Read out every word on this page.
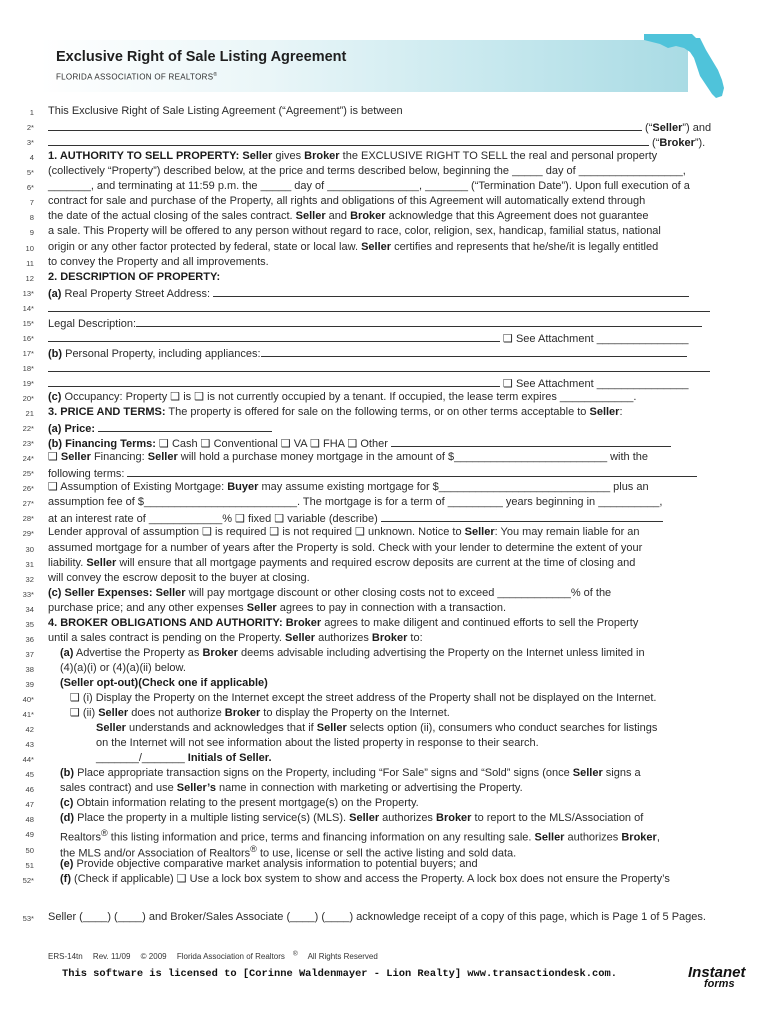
Exclusive Right of Sale Listing Agreement
FLORIDA ASSOCIATION OF REALTORS®
1 This Exclusive Right of Sale Listing Agreement (“Agreement”) is between
2*	(“Seller”) and
3*	(“Broker”).
4 1. AUTHORITY TO SELL PROPERTY: Seller gives Broker the EXCLUSIVE RIGHT TO SELL the real and personal property
5* (collectively “Property”) described below, at the price and terms described below, beginning the _____ day of _________________,
6* _______, and terminating at 11:59 p.m. the _____ day of _______________, _______ (“Termination Date”). Upon full execution of a
7 contract for sale and purchase of the Property, all rights and obligations of this Agreement will automatically extend through
8 the date of the actual closing of the sales contract. Seller and Broker acknowledge that this Agreement does not guarantee
9 a sale. This Property will be offered to any person without regard to race, color, religion, sex, handicap, familial status, national
10 origin or any other factor protected by federal, state or local law. Seller certifies and represents that he/she/it is legally entitled
11 to convey the Property and all improvements.
12 2. DESCRIPTION OF PROPERTY:
13* (a) Real Property Street Address:
14*
15* Legal Description:
16*	❑ See Attachment _______________
17* (b) Personal Property, including appliances:
18*
19*	❑ See Attachment _______________
20* (c) Occupancy: Property ❑ is ❑ is not currently occupied by a tenant. If occupied, the lease term expires ____________.
21 3. PRICE AND TERMS: The property is offered for sale on the following terms, or on other terms acceptable to Seller:
22* (a) Price:
23* (b) Financing Terms: ❑ Cash ❑ Conventional ❑ VA ❑ FHA ❑ Other
24* ❑ Seller Financing: Seller will hold a purchase money mortgage in the amount of $_________________________ with the
25* following terms:
26* ❑ Assumption of Existing Mortgage: Buyer may assume existing mortgage for $____________________________ plus an
27* assumption fee of $_________________________. The mortgage is for a term of _________ years beginning in __________,
28* at an interest rate of ____________% ❑ fixed ❑ variable (describe)
29* Lender approval of assumption ❑ is required ❑ is not required ❑ unknown. Notice to Seller: You may remain liable for an
30 assumed mortgage for a number of years after the Property is sold. Check with your lender to determine the extent of your
31 liability. Seller will ensure that all mortgage payments and required escrow deposits are current at the time of closing and
32 will convey the escrow deposit to the buyer at closing.
33* (c) Seller Expenses: Seller will pay mortgage discount or other closing costs not to exceed ____________% of the
34 purchase price; and any other expenses Seller agrees to pay in connection with a transaction.
35 4. BROKER OBLIGATIONS AND AUTHORITY: Broker agrees to make diligent and continued efforts to sell the Property
36 until a sales contract is pending on the Property. Seller authorizes Broker to:
37 (a) Advertise the Property as Broker deems advisable including advertising the Property on the Internet unless limited in
38 (4)(a)(i) or (4)(a)(ii) below.
39 (Seller opt-out)(Check one if applicable)
40*	❑ (i) Display the Property on the Internet except the street address of the Property shall not be displayed on the Internet.
41*	❑ (ii) Seller does not authorize Broker to display the Property on the Internet.
42	Seller understands and acknowledges that if Seller selects option (ii), consumers who conduct searches for listings
43	on the Internet will not see information about the listed property in response to their search.
44*	_______/_______ Initials of Seller.
45 (b) Place appropriate transaction signs on the Property, including “For Sale” signs and “Sold” signs (once Seller signs a
46 sales contract) and use Seller’s name in connection with marketing or advertising the Property.
47 (c) Obtain information relating to the present mortgage(s) on the Property.
48 (d) Place the property in a multiple listing service(s) (MLS). Seller authorizes Broker to report to the MLS/Association of
49 Realtors® this listing information and price, terms and financing information on any resulting sale. Seller authorizes Broker,
50 the MLS and/or Association of Realtors® to use, license or sell the active listing and sold data.
51 (e) Provide objective comparative market analysis information to potential buyers; and
52* (f) (Check if applicable) ❑ Use a lock box system to show and access the Property. A lock box does not ensure the Property’s
53* Seller (____) (____) and Broker/Sales Associate (____) (____) acknowledge receipt of a copy of this page, which is Page 1 of 5 Pages.
ERS-14tn Rev. 11/09 © 2009 Florida Association of Realtors ® All Rights Reserved
This software is licensed to [Corinne Waldenmayer - Lion Realty] www.transactiondesk.com.	Instanet
forms
